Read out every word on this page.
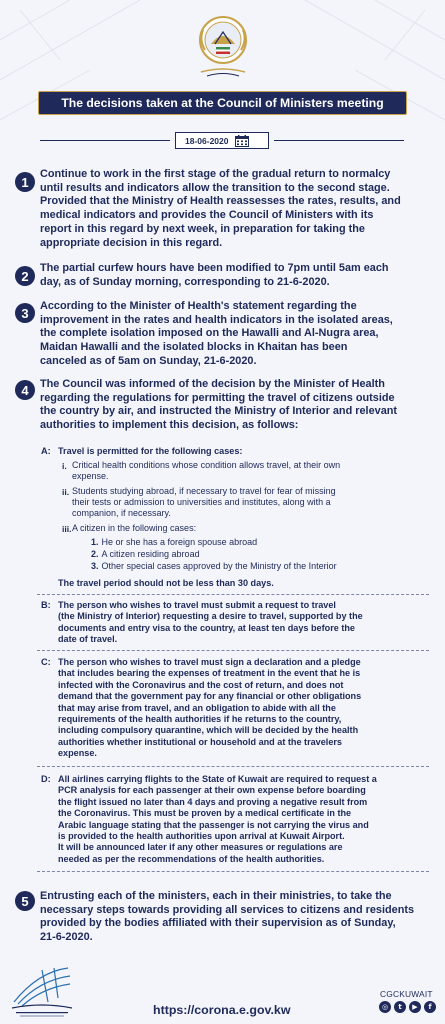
The decisions taken at the Council of Ministers meeting
18-06-2020
1
Continue to work in the first stage of the gradual return to normalcy
until results and indicators allow the transition to the second stage.
Provided that the Ministry of Health reassesses the rates, results, and
medical indicators and provides the Council of Ministers with its
report in this regard by next week, in preparation for taking the
appropriate decision in this regard.
2
The partial curfew hours have been modified to 7pm until 5am each
day, as of Sunday morning, corresponding to 21-6-2020.
3	According to the Minister of Health's statement regarding the
improvement in the rates and health indicators in the isolated areas,
the complete isolation imposed on the Hawalli and Al-Nugra area,
Maidan Hawalli and the isolated blocks in Khaitan has been
canceled as of 5am on Sunday, 21-6-2020.
4	The Council was informed of the decision by the Minister of Health
regarding the regulations for permitting the travel of citizens outside
the country by air, and instructed the Ministry of Interior and relevant
authorities to implement this decision, as follows:
A: Travel is permitted for the following cases:
i. Critical health conditions whose condition allows travel, at their own
expense.
ii. Students studying abroad, if necessary to travel for fear of missing
their tests or admission to universities and institutes, along with a
companion, if necessary.
iii. A citizen in the following cases:
1. He or she has a foreign spouse abroad
2. A citizen residing abroad
3. Other special cases approved by the Ministry of the Interior
The travel period should not be less than 30 days.
B: The person who wishes to travel must submit a request to travel
(the Ministry of Interior) requesting a desire to travel, supported by the
documents and entry visa to the country, at least ten days before the
date of travel.
C: The person who wishes to travel must sign a declaration and a pledge
that includes bearing the expenses of treatment in the event that he is
infected with the Coronavirus and the cost of return, and does not
demand that the government pay for any financial or other obligations
that may arise from travel, and an obligation to abide with all the
requirements of the health authorities if he returns to the country,
including compulsory quarantine, which will be decided by the health
authorities whether institutional or household and at the travelers
expense.
D: All airlines carrying flights to the State of Kuwait are required to request a
PCR analysis for each passenger at their own expense before boarding
the flight issued no later than 4 days and proving a negative result from
the Coronavirus. This must be proven by a medical certificate in the
Arabic language stating that the passenger is not carrying the virus and
is provided to the health authorities upon arrival at Kuwait Airport.
It will be announced later if any other measures or regulations are
needed as per the recommendations of the health authorities.
5	Entrusting each of the ministers, each in their ministries, to take the
necessary steps towards providing all services to citizens and residents
provided by the bodies affiliated with their supervision as of Sunday,
21-6-2020.
https://corona.e.gov.kw
CGCKUWAIT
◎	t	▶	f
